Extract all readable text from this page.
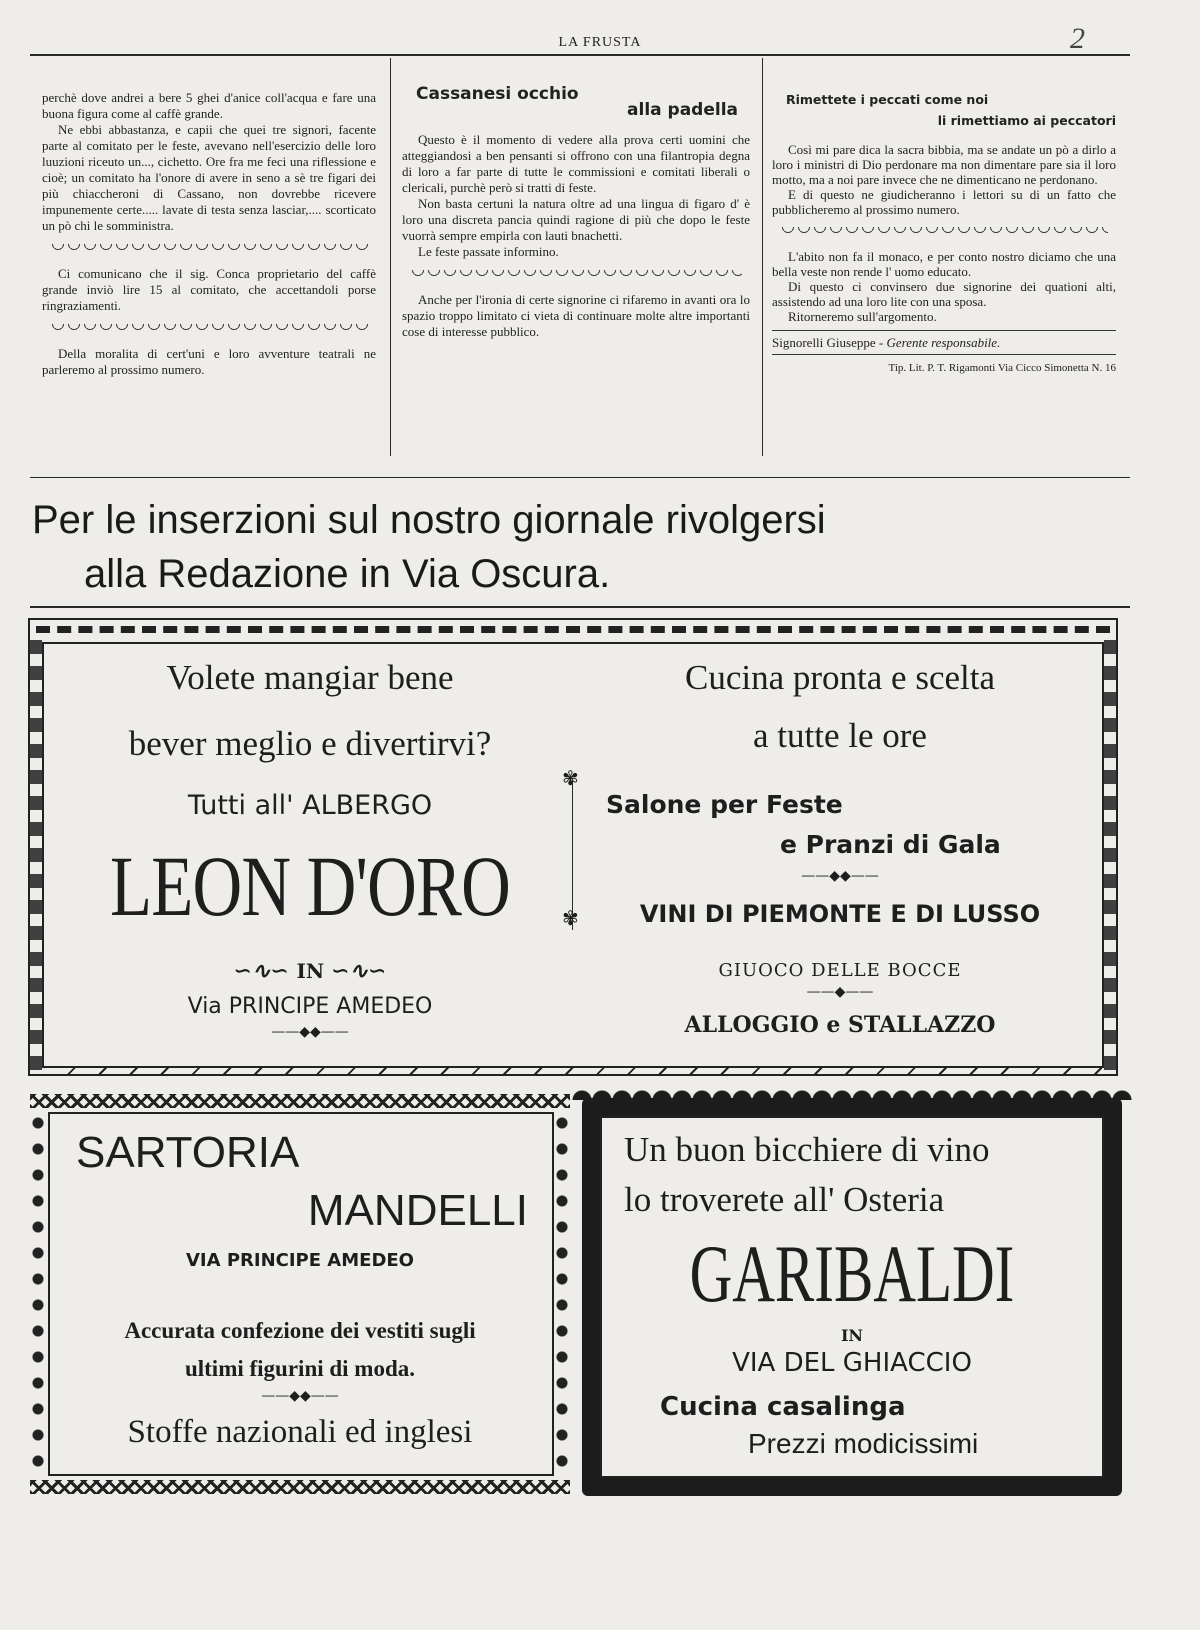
LA FRUSTA	2

perchè dove andrei a bere 5 ghei d'anice coll'acqua e fare una buona figura come al caffè grande.

Ne ebbi abbastanza, e capii che quei tre signori, facente parte al comitato per le feste, avevano nell'esercizio delle loro luuzioni riceuto un..., cichetto. Ore fra me feci una riflessione e cioè; un comitato ha l'onore di avere in seno a sè tre figari dei più chiaccheroni di Cassano, non dovrebbe ricevere impunemente certe..... lavate di testa senza lasciar,.... scorticato un pò chi le somministra.

Ci comunicano che il sig. Conca proprietario del caffè grande inviò lire 15 al comitato, che accettandoli porse ringraziamenti.

Della moralita di cert'uni e loro avventure teatrali ne parleremo al prossimo numero.

Cassanesi occhio
alla padella

Questo è il momento di vedere alla prova certi uomini che atteggiandosi a ben pensanti si offrono con una filantropia degna di loro a far parte di tutte le commissioni e comitati liberali o clericali, purchè però si tratti di feste.

Non basta certuni la natura oltre ad una lingua di figaro d' è loro una discreta pancia quindi ragione di più che dopo le feste vuorrà sempre empirla con lauti bnachetti.

Le feste passate informino.

Anche per l'ironia di certe signorine ci rifaremo in avanti ora lo spazio troppo limitato ci vieta di continuare molte altre importanti cose di interesse pubblico.

Rimettete i peccati come noi
li rimettiamo ai peccatori

Così mi pare dica la sacra bibbia, ma se andate un pò a dirlo a loro i ministri di Dio perdonare ma non dimentare pare sia il loro motto, ma a noi pare invece che ne dimenticano ne perdonano.

E di questo ne giudicheranno i lettori su di un fatto che pubblicheremo al prossimo numero.

L'abito non fa il monaco, e per conto nostro diciamo che una bella veste non rende l' uomo educato.

Di questo ci convinsero due signorine dei quationi alti, assistendo ad una loro lite con una sposa.

Ritorneremo sull'argomento.

Signorelli Giuseppe - Gerente responsabile.
Tip. Lit. P. T. Rigamonti Via Cicco Simonetta N. 16
Per le inserzioni sul nostro giornale rivolgersi
alla Redazione in Via Oscura.
✾
✾
Volete mangiar bene
bever meglio e divertirvi?
Tutti all' ALBERGO
LEON D'ORO
∽∿∽ IN ∽∿∽
Via PRINCIPE AMEDEO
——◆◆——
Cucina pronta e scelta
a tutte le ore
Salone per Feste
e Pranzi di Gala
——◆◆——
VINI DI PIEMONTE E DI LUSSO
GIUOCO DELLE BOCCE
——◆——
ALLOGGIO e STALLAZZO
SARTORIA
MANDELLI
VIA PRINCIPE AMEDEO
Accurata confezione dei vestiti sugli
ultimi figurini di moda.
——◆◆——
Stoffe nazionali ed inglesi
Un buon bicchiere di vino
lo troverete all' Osteria
GARIBALDI
IN
VIA DEL GHIACCIO
Cucina casalinga
Prezzi modicissimi
